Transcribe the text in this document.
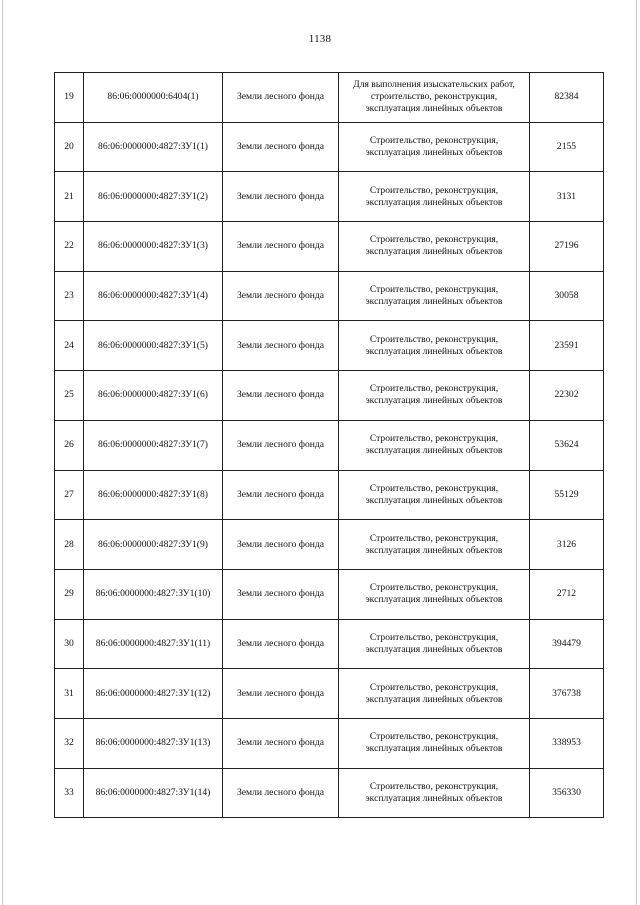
1138
19	86:06:0000000:6404(1)	Земли лесного фонда	Для выполнения изыскательских работ, строительство, реконструкция, эксплуатация линейных объектов	82384
20	86:06:0000000:4827:ЗУ1(1)	Земли лесного фонда	Строительство, реконструкция, эксплуатация линейных объектов	2155
21	86:06:0000000:4827:ЗУ1(2)	Земли лесного фонда	Строительство, реконструкция, эксплуатация линейных объектов	3131
22	86:06:0000000:4827:ЗУ1(3)	Земли лесного фонда	Строительство, реконструкция, эксплуатация линейных объектов	27196
23	86:06:0000000:4827:ЗУ1(4)	Земли лесного фонда	Строительство, реконструкция, эксплуатация линейных объектов	30058
24	86:06:0000000:4827:ЗУ1(5)	Земли лесного фонда	Строительство, реконструкция, эксплуатация линейных объектов	23591
25	86:06:0000000:4827:ЗУ1(6)	Земли лесного фонда	Строительство, реконструкция, эксплуатация линейных объектов	22302
26	86:06:0000000:4827:ЗУ1(7)	Земли лесного фонда	Строительство, реконструкция, эксплуатация линейных объектов	53624
27	86:06:0000000:4827:ЗУ1(8)	Земли лесного фонда	Строительство, реконструкция, эксплуатация линейных объектов	55129
28	86:06:0000000:4827:ЗУ1(9)	Земли лесного фонда	Строительство, реконструкция, эксплуатация линейных объектов	3126
29	86:06:0000000:4827:ЗУ1(10)	Земли лесного фонда	Строительство, реконструкция, эксплуатация линейных объектов	2712
30	86:06:0000000:4827:ЗУ1(11)	Земли лесного фонда	Строительство, реконструкция, эксплуатация линейных объектов	394479
31	86:06:0000000:4827:ЗУ1(12)	Земли лесного фонда	Строительство, реконструкция, эксплуатация линейных объектов	376738
32	86:06:0000000:4827:ЗУ1(13)	Земли лесного фонда	Строительство, реконструкция, эксплуатация линейных объектов	338953
33	86:06:0000000:4827:ЗУ1(14)	Земли лесного фонда	Строительство, реконструкция, эксплуатация линейных объектов	356330
